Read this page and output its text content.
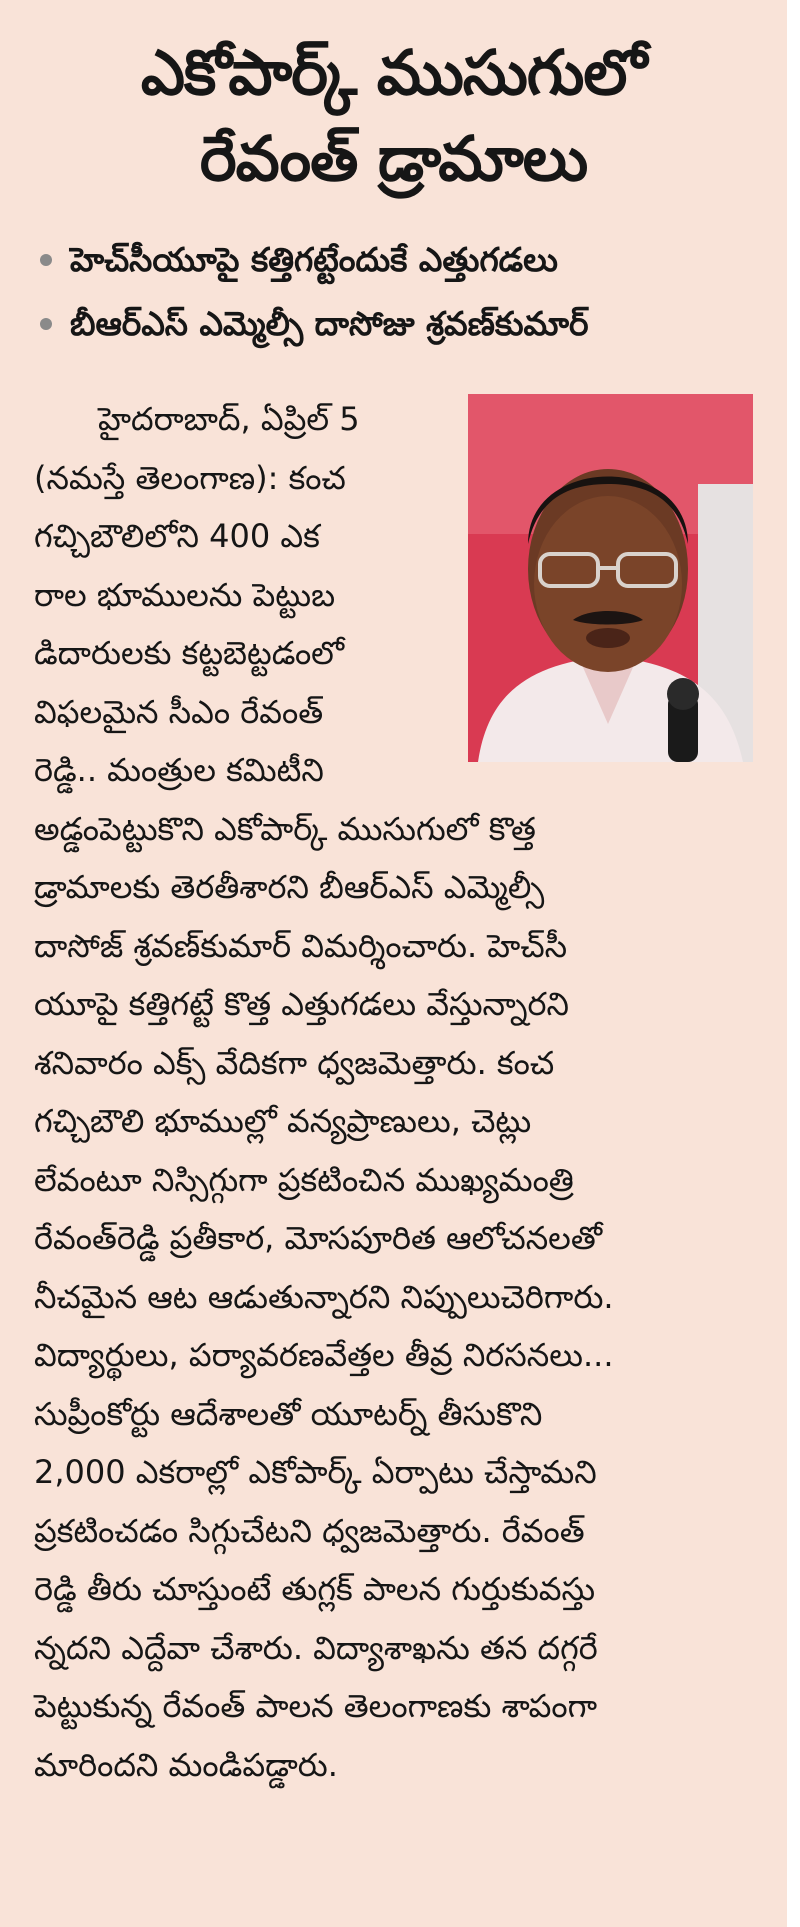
ఎకోపార్క్ ముసుగులో
రేవంత్ డ్రామాలు
హెచ్‌సీయూపై కత్తిగట్టేందుకే ఎత్తుగడలు
బీఆర్‌ఎస్ ఎమ్మెల్సీ దాసోజు శ్రవణ్‌కుమార్

హైదరాబాద్, ఏప్రిల్ 5
(నమస్తే తెలంగాణ): కంచ
గచ్చిబౌలిలోని 400 ఎక
రాల భూములను పెట్టుబ
డిదారులకు కట్టబెట్టడంలో
విఫలమైన సీఎం రేవంత్
రెడ్డి.. మంత్రుల కమిటీని

అడ్డంపెట్టుకొని ఎకోపార్క్ ముసుగులో కొత్త
డ్రామాలకు తెరతీశారని బీఆర్‌ఎస్ ఎమ్మెల్సీ
దాసోజ్ శ్రవణ్‌కుమార్ విమర్శించారు. హెచ్‌సీ
యూపై కత్తిగట్టే కొత్త ఎత్తుగడలు వేస్తున్నారని
శనివారం ఎక్స్ వేదికగా ధ్వజమెత్తారు. కంచ
గచ్చిబౌలి భూముల్లో వన్యప్రాణులు, చెట్లు
లేవంటూ నిస్సిగ్గుగా ప్రకటించిన ముఖ్యమంత్రి
రేవంత్‌రెడ్డి ప్రతీకార, మోసపూరిత ఆలోచనలతో
నీచమైన ఆట ఆడుతున్నారని నిప్పులుచెరిగారు.
విద్యార్థులు, పర్యావరణవేత్తల తీవ్ర నిరసనలు...
సుప్రీంకోర్టు ఆదేశాలతో యూటర్న్ తీసుకొని
2,000 ఎకరాల్లో ఎకోపార్క్ ఏర్పాటు చేస్తామని
ప్రకటించడం సిగ్గుచేటని ధ్వజమెత్తారు. రేవంత్
రెడ్డి తీరు చూస్తుంటే తుగ్లక్ పాలన గుర్తుకువస్తు
న్నదని ఎద్దేవా చేశారు. విద్యాశాఖను తన దగ్గరే
పెట్టుకున్న రేవంత్ పాలన తెలంగాణకు శాపంగా
మారిందని మండిపడ్డారు.
